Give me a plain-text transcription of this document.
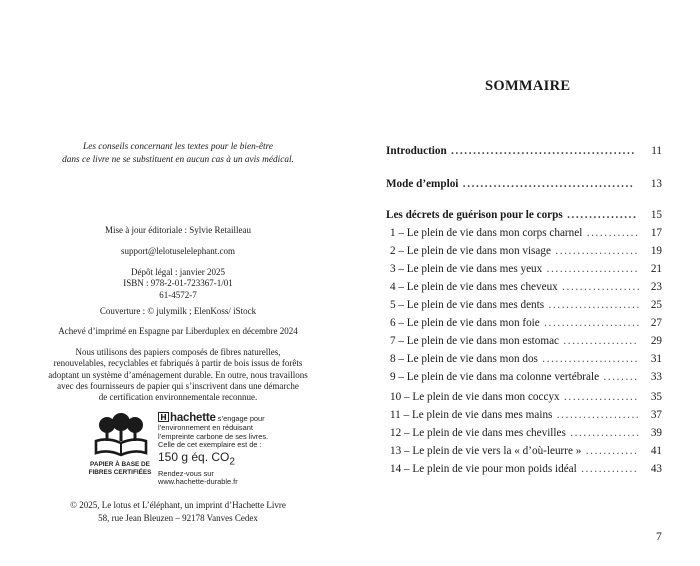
Les conseils concernant les textes pour le bien-être
dans ce livre ne se substituent en aucun cas à un avis médical.
Mise à jour éditoriale : Sylvie Retailleau
support@lelotuselelephant.com
Dépôt légal : janvier 2025
ISBN : 978-2-01-723367-1/01
61-4572-7
Couverture : © julymilk ; ElenKoss/ iStock
Achevé d’imprimé en Espagne par Liberduplex en décembre 2024
Nous utilisons des papiers composés de fibres naturelles,
renouvelables, recyclables et fabriqués à partir de bois issus de forêts
adoptant un système d’aménagement durable. En outre, nous travaillons
avec des fournisseurs de papier qui s’inscrivent dans une démarche
de certification environnementale reconnue.
PAPIER À BASE DE
FIBRES CERTIFIÉES
hachette s’engage pour
l’environnement en réduisant
l’empreinte carbone de ses livres.
Celle de cet exemplaire est de :
150 g éq. $CO_2$
Rendez-vous sur
www.hachette-durable.fr
© 2025, Le lotus et L’éléphant, un imprint d’Hachette Livre
58, rue Jean Bleuzen – 92178 Vanves Cedex
SOMMAIRE
Introduction .......................................... 11
Mode d’emploi ....................................... 13
Les décrets de guérison pour le corps ................ 15
1 – Le plein de vie dans mon corps charnel ............ 17
2 – Le plein de vie dans mon visage ................... 19
3 – Le plein de vie dans mes yeux ..................... 21
4 – Le plein de vie dans mes cheveux .................. 23
5 – Le plein de vie dans mes dents ..................... 25
6 – Le plein de vie dans mon foie ...................... 27
7 – Le plein de vie dans mon estomac ................. 29
8 – Le plein de vie dans mon dos ...................... 31
9 – Le plein de vie dans ma colonne vertébrale ........ 33
10 – Le plein de vie dans mon coccyx ................. 35
11 – Le plein de vie dans mes mains ................... 37
12 – Le plein de vie dans mes chevilles ................ 39
13 – Le plein de vie vers la « d’où-leurre » ............ 41
14 – Le plein de vie pour mon poids idéal ............. 43
7
